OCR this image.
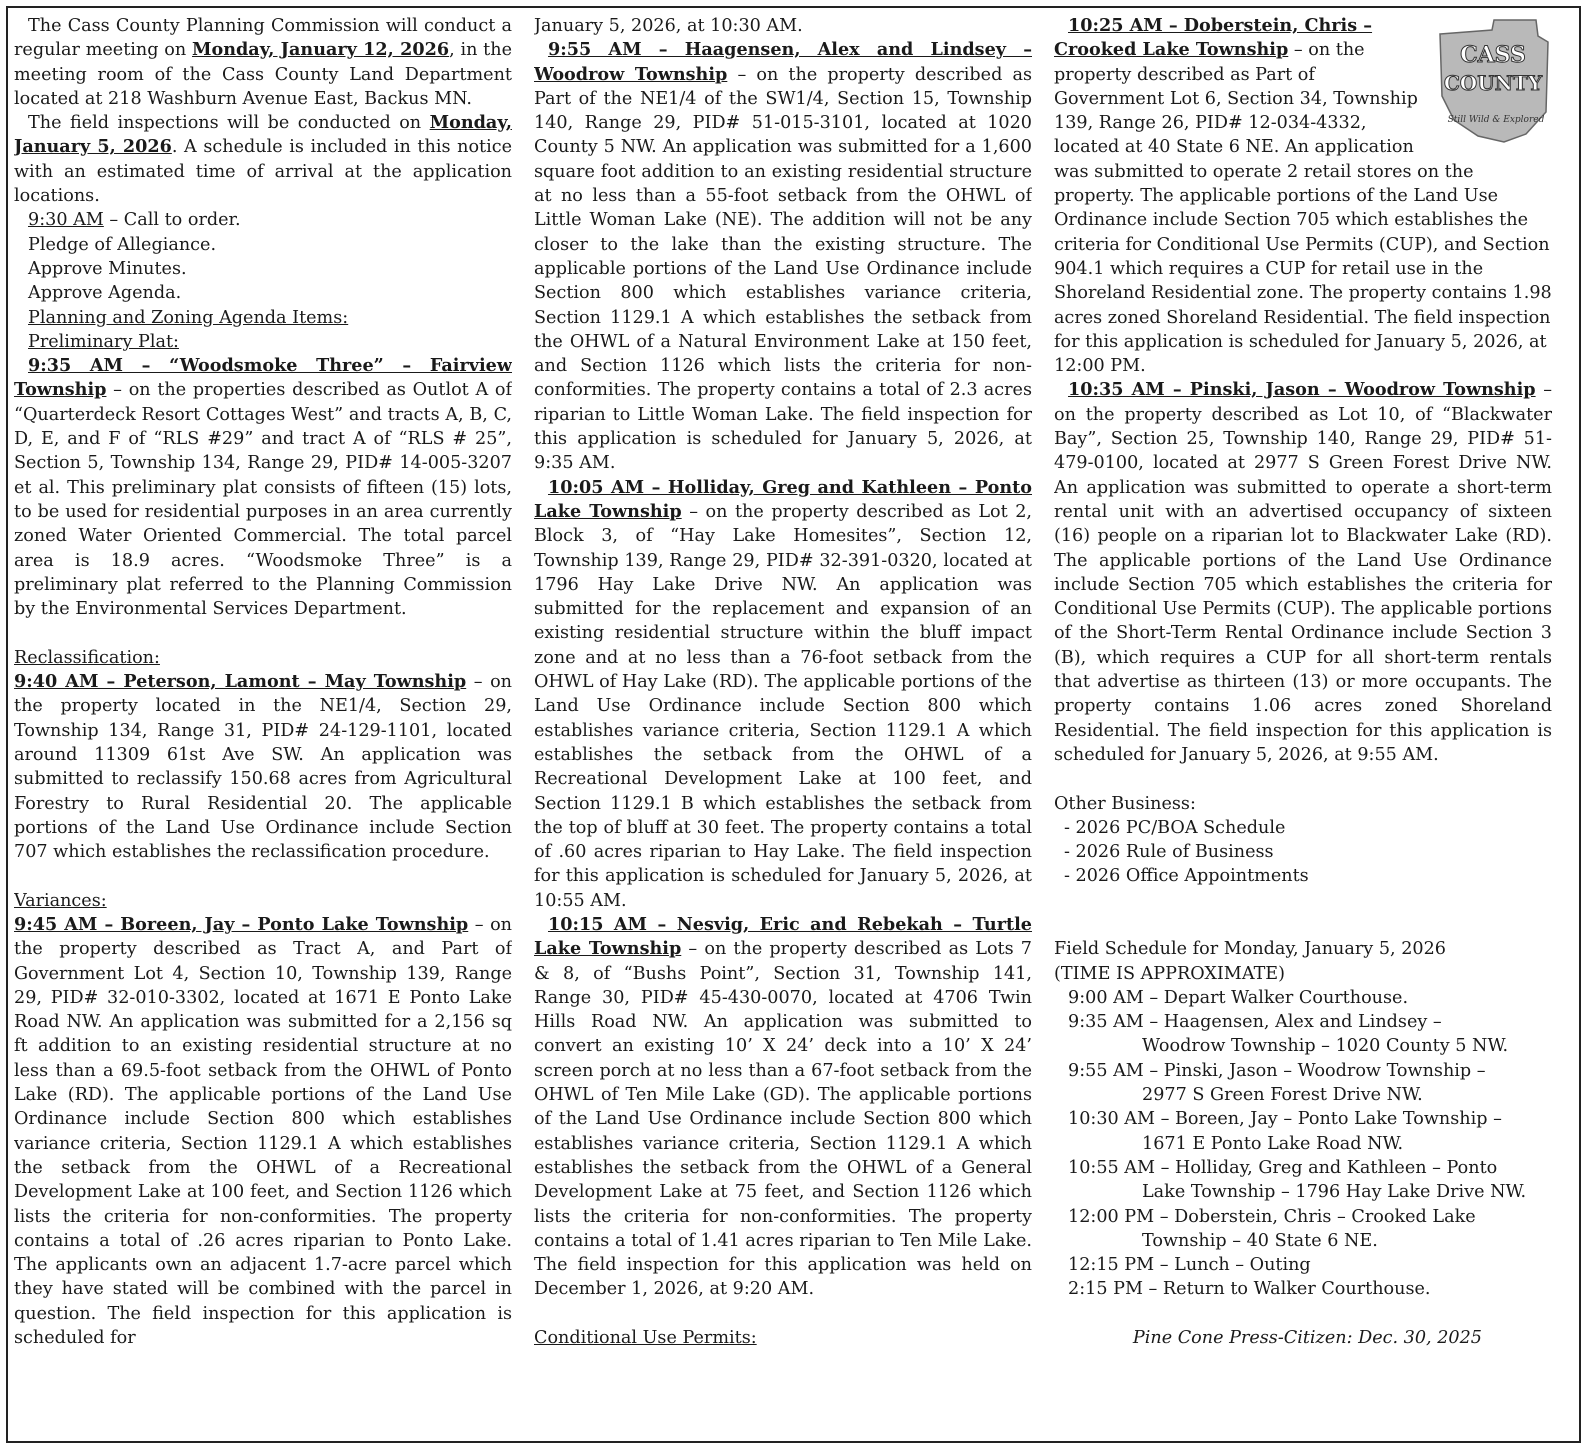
The Cass County Planning Commission will conduct a regular meeting on Monday, January 12, 2026, in the meeting room of the Cass County Land Department located at 218 Washburn Avenue East, Backus MN.

The field inspections will be conducted on Monday, January 5, 2026. A schedule is included in this notice with an estimated time of arrival at the application locations.

9:30 AM – Call to order.

Pledge of Allegiance.

Approve Minutes.

Approve Agenda.

Planning and Zoning Agenda Items:

Preliminary Plat:

9:35 AM – “Woodsmoke Three” – Fairview Township – on the properties described as Outlot A of “Quarterdeck Resort Cottages West” and tracts A, B, C, D, E, and F of “RLS #29” and tract A of “RLS # 25”, Section 5, Township 134, Range 29, PID# 14-005-3207 et al. This preliminary plat consists of fifteen (15) lots, to be used for residential purposes in an area currently zoned Water Oriented Commercial. The total parcel area is 18.9 acres. “Woodsmoke Three” is a preliminary plat referred to the Planning Commission by the Environmental Services Department.

Reclassification:

9:40 AM – Peterson, Lamont – May Township – on the property located in the NE1/4, Section 29, Township 134, Range 31, PID# 24-129-1101, located around 11309 61st Ave SW. An application was submitted to reclassify 150.68 acres from Agricultural Forestry to Rural Residential 20. The applicable portions of the Land Use Ordinance include Section 707 which establishes the reclassification procedure.

Variances:

9:45 AM – Boreen, Jay – Ponto Lake Township – on the property described as Tract A, and Part of Government Lot 4, Section 10, Township 139, Range 29, PID# 32-010-3302, located at 1671 E Ponto Lake Road NW. An application was submitted for a 2,156 sq ft addition to an existing residential structure at no less than a 69.5-foot setback from the OHWL of Ponto Lake (RD). The applicable portions of the Land Use Ordinance include Section 800 which establishes variance criteria, Section 1129.1 A which establishes the setback from the OHWL of a Recreational Development Lake at 100 feet, and Section 1126 which lists the criteria for non-conformities. The property contains a total of .26 acres riparian to Ponto Lake. The applicants own an adjacent 1.7-acre parcel which they have stated will be combined with the parcel in question. The field inspection for this application is scheduled for

January 5, 2026, at 10:30 AM.

9:55 AM – Haagensen, Alex and Lindsey – Woodrow Township – on the property described as Part of the NE1/4 of the SW1/4, Section 15, Township 140, Range 29, PID# 51-015-3101, located at 1020 County 5 NW. An application was submitted for a 1,600 square foot addition to an existing residential structure at no less than a 55-foot setback from the OHWL of Little Woman Lake (NE). The addition will not be any closer to the lake than the existing structure. The applicable portions of the Land Use Ordinance include Section 800 which establishes variance criteria, Section 1129.1 A which establishes the setback from the OHWL of a Natural Environment Lake at 150 feet, and Section 1126 which lists the criteria for non-conformities. The property contains a total of 2.3 acres riparian to Little Woman Lake. The field inspection for this application is scheduled for January 5, 2026, at 9:35 AM.

10:05 AM – Holliday, Greg and Kathleen – Ponto Lake Township – on the property described as Lot 2, Block 3, of “Hay Lake Homesites”, Section 12, Township 139, Range 29, PID# 32-391-0320, located at 1796 Hay Lake Drive NW. An application was submitted for the replacement and expansion of an existing residential structure within the bluff impact zone and at no less than a 76-foot setback from the OHWL of Hay Lake (RD). The applicable portions of the Land Use Ordinance include Section 800 which establishes variance criteria, Section 1129.1 A which establishes the setback from the OHWL of a Recreational Development Lake at 100 feet, and Section 1129.1 B which establishes the setback from the top of bluff at 30 feet. The property contains a total of .60 acres riparian to Hay Lake. The field inspection for this application is scheduled for January 5, 2026, at 10:55 AM.

10:15 AM – Nesvig, Eric and Rebekah – Turtle Lake Township – on the property described as Lots 7 & 8, of “Bushs Point”, Section 31, Township 141, Range 30, PID# 45-430-0070, located at 4706 Twin Hills Road NW. An application was submitted to convert an existing 10’ X 24’ deck into a 10’ X 24’ screen porch at no less than a 67-foot setback from the OHWL of Ten Mile Lake (GD). The applicable portions of the Land Use Ordinance include Section 800 which establishes variance criteria, Section 1129.1 A which establishes the setback from the OHWL of a General Development Lake at 75 feet, and Section 1126 which lists the criteria for non-conformities. The property contains a total of 1.41 acres riparian to Ten Mile Lake. The field inspection for this application was held on December 1, 2026, at 9:20 AM.

Conditional Use Permits:

CASS
COUNTY
Still Wild & Explored

10:25 AM – Doberstein, Chris – Crooked Lake Township – on the property described as Part of Government Lot 6, Section 34, Township 139, Range 26, PID# 12-034-4332, located at 40 State 6 NE. An application was submitted to operate 2 retail stores on the property. The applicable portions of the Land Use Ordinance include Section 705 which establishes the criteria for Conditional Use Permits (CUP), and Section 904.1 which requires a CUP for retail use in the Shoreland Residential zone. The property contains 1.98 acres zoned Shoreland Residential. The field inspection for this application is scheduled for January 5, 2026, at 12:00 PM.

10:35 AM – Pinski, Jason – Woodrow Township – on the property described as Lot 10, of “Blackwater Bay”, Section 25, Township 140, Range 29, PID# 51-479-0100, located at 2977 S Green Forest Drive NW. An application was submitted to operate a short-term rental unit with an advertised occupancy of sixteen (16) people on a riparian lot to Blackwater Lake (RD). The applicable portions of the Land Use Ordinance include Section 705 which establishes the criteria for Conditional Use Permits (CUP). The applicable portions of the Short-Term Rental Ordinance include Section 3 (B), which requires a CUP for all short-term rentals that advertise as thirteen (13) or more occupants. The property contains 1.06 acres zoned Shoreland Residential. The field inspection for this application is scheduled for January 5, 2026, at 9:55 AM.

Other Business:

- 2026 PC/BOA Schedule

- 2026 Rule of Business

- 2026 Office Appointments

Field Schedule for Monday, January 5, 2026

(TIME IS APPROXIMATE)

9:00 AM – Depart Walker Courthouse.

9:35 AM – Haagensen, Alex and Lindsey –

Woodrow Township – 1020 County 5 NW.

9:55 AM – Pinski, Jason – Woodrow Township –

2977 S Green Forest Drive NW.

10:30 AM – Boreen, Jay – Ponto Lake Township –

1671 E Ponto Lake Road NW.

10:55 AM – Holliday, Greg and Kathleen – Ponto

Lake Township – 1796 Hay Lake Drive NW.

12:00 PM – Doberstein, Chris – Crooked Lake

Township – 40 State 6 NE.

12:15 PM – Lunch – Outing

2:15 PM – Return to Walker Courthouse.

Pine Cone Press-Citizen: Dec. 30, 2025
